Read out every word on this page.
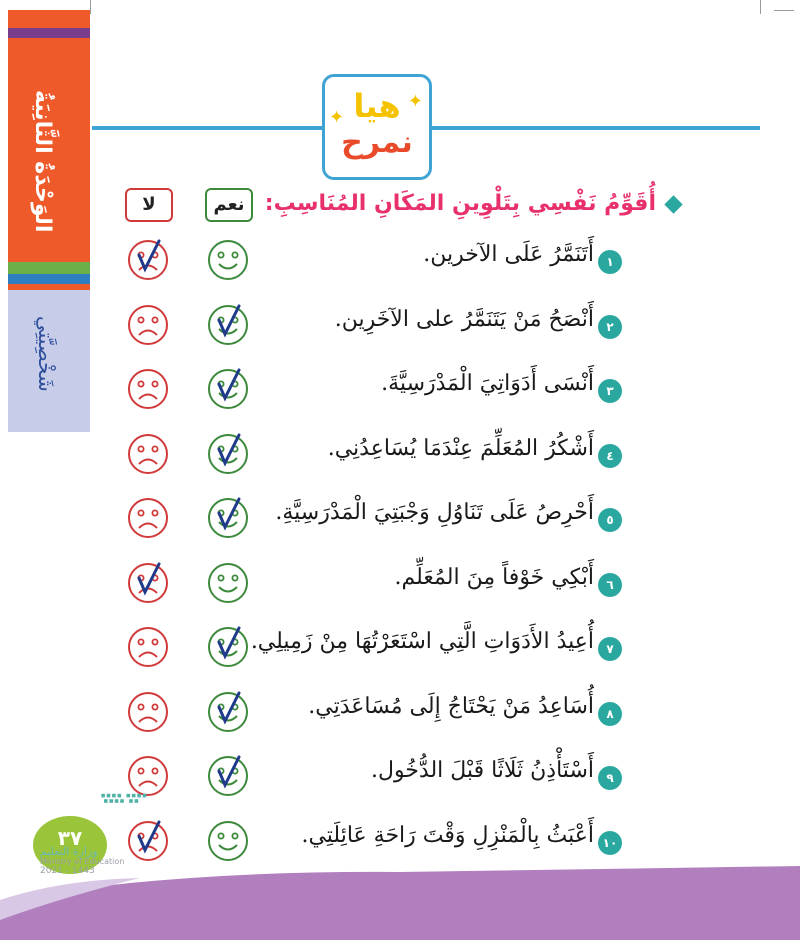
الوَحْدَةُ الثَّانِيَةُ
شَخْصِيَّتِي
✦
✦
هيا
نمرح
أُقَوِّمُ نَفْسِي بِتَلْوِينِ المَكَانِ المُنَاسِبِ:
نعم
لا
١
أَتَنَمَّرُ عَلَى الآخرين.
٢
أَنْصَحُ مَنْ يَتَنَمَّرُ على الآخَرِين.
٣
أَنْسَى أَدَوَاتِيَ الْمَدْرَسِيَّةَ.
٤
أَشْكُرُ المُعَلِّمَ عِنْدَمَا يُسَاعِدُنِي.
٥
أَحْرِصُ عَلَى تَنَاوُلِ وَجْبَتِيَ الْمَدْرَسِيَّةِ.
٦
أَبْكِي خَوْفاً مِنَ المُعَلِّم.
٧
أُعِيدُ الأَدَوَاتِ الَّتِي اسْتَعَرْتُهَا مِنْ زَمِيلِي.
٨
أُسَاعِدُ مَنْ يَحْتَاجُ إِلَى مُسَاعَدَتِي.
٩
أَسْتَأْذِنُ ثَلَاثًا قَبْلَ الدُّخُول.
١٠
أَعْبَثُ بِالْمَنْزِلِ وَقْتَ رَاحَةِ عَائِلَتِي.
٣٧
وزارة التعليم
Ministry of Education
2021 - 1443
